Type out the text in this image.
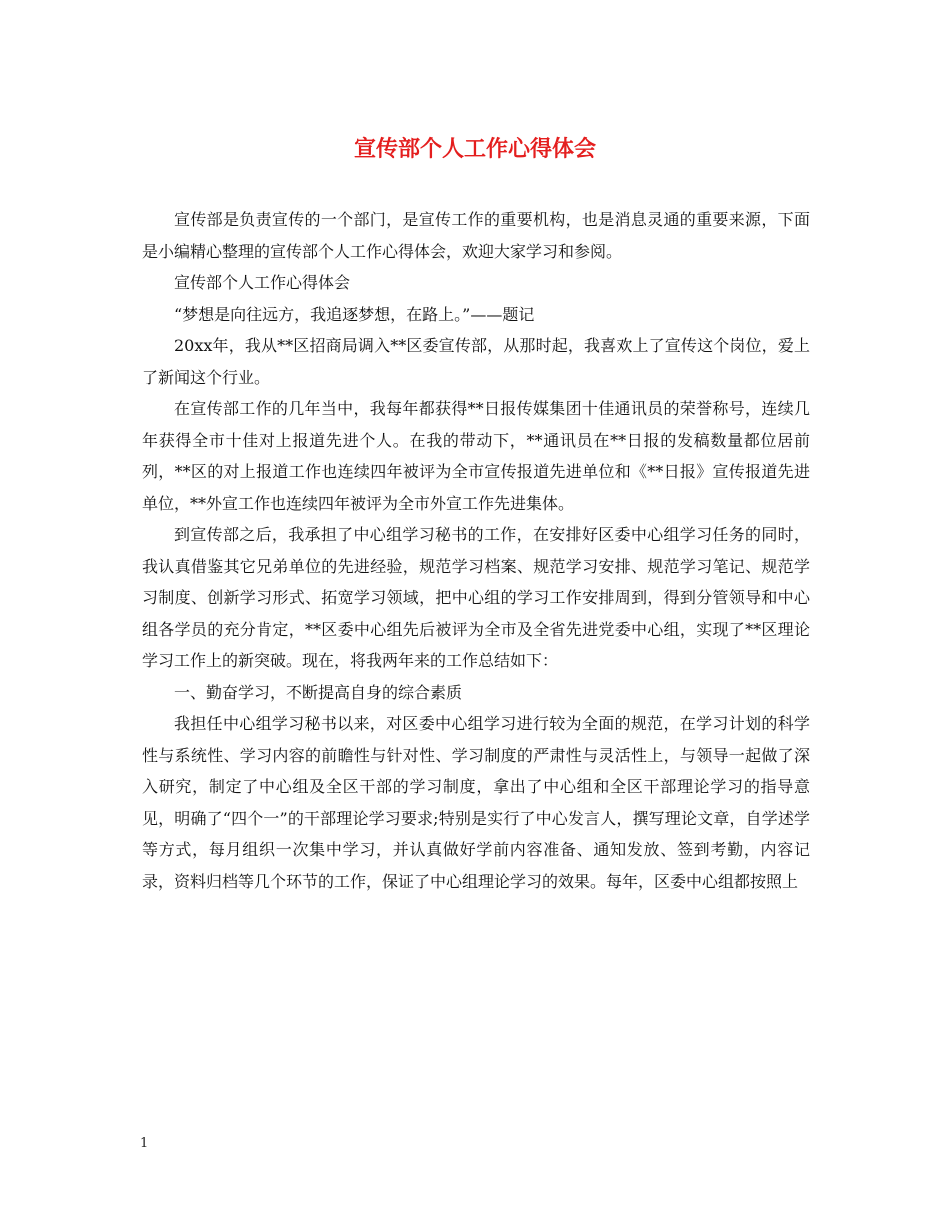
宣传部个人工作心得体会

宣传部是负责宣传的一个部门，是宣传工作的重要机构，也是消息灵通的重要来源，下面是小编精心整理的宣传部个人工作心得体会，欢迎大家学习和参阅。

宣传部个人工作心得体会

“梦想是向往远方，我追逐梦想，在路上。”——题记

20xx年，我从**区招商局调入**区委宣传部，从那时起，我喜欢上了宣传这个岗位，爱上了新闻这个行业。

在宣传部工作的几年当中，我每年都获得**日报传媒集团十佳通讯员的荣誉称号，连续几年获得全市十佳对上报道先进个人。在我的带动下，**通讯员在**日报的发稿数量都位居前列，**区的对上报道工作也连续四年被评为全市宣传报道先进单位和《**日报》宣传报道先进单位，**外宣工作也连续四年被评为全市外宣工作先进集体。

到宣传部之后，我承担了中心组学习秘书的工作，在安排好区委中心组学习任务的同时，我认真借鉴其它兄弟单位的先进经验，规范学习档案、规范学习安排、规范学习笔记、规范学习制度、创新学习形式、拓宽学习领域，把中心组的学习工作安排周到，得到分管领导和中心组各学员的充分肯定，**区委中心组先后被评为全市及全省先进党委中心组，实现了**区理论学习工作上的新突破。现在，将我两年来的工作总结如下：

一、勤奋学习，不断提高自身的综合素质

我担任中心组学习秘书以来，对区委中心组学习进行较为全面的规范，在学习计划的科学性与系统性、学习内容的前瞻性与针对性、学习制度的严肃性与灵活性上，与领导一起做了深入研究，制定了中心组及全区干部的学习制度，拿出了中心组和全区干部理论学习的指导意见，明确了“四个一”的干部理论学习要求;特别是实行了中心发言人，撰写理论文章，自学述学等方式，每月组织一次集中学习，并认真做好学前内容准备、通知发放、签到考勤，内容记录，资料归档等几个环节的工作，保证了中心组理论学习的效果。每年，区委中心组都按照上

1
